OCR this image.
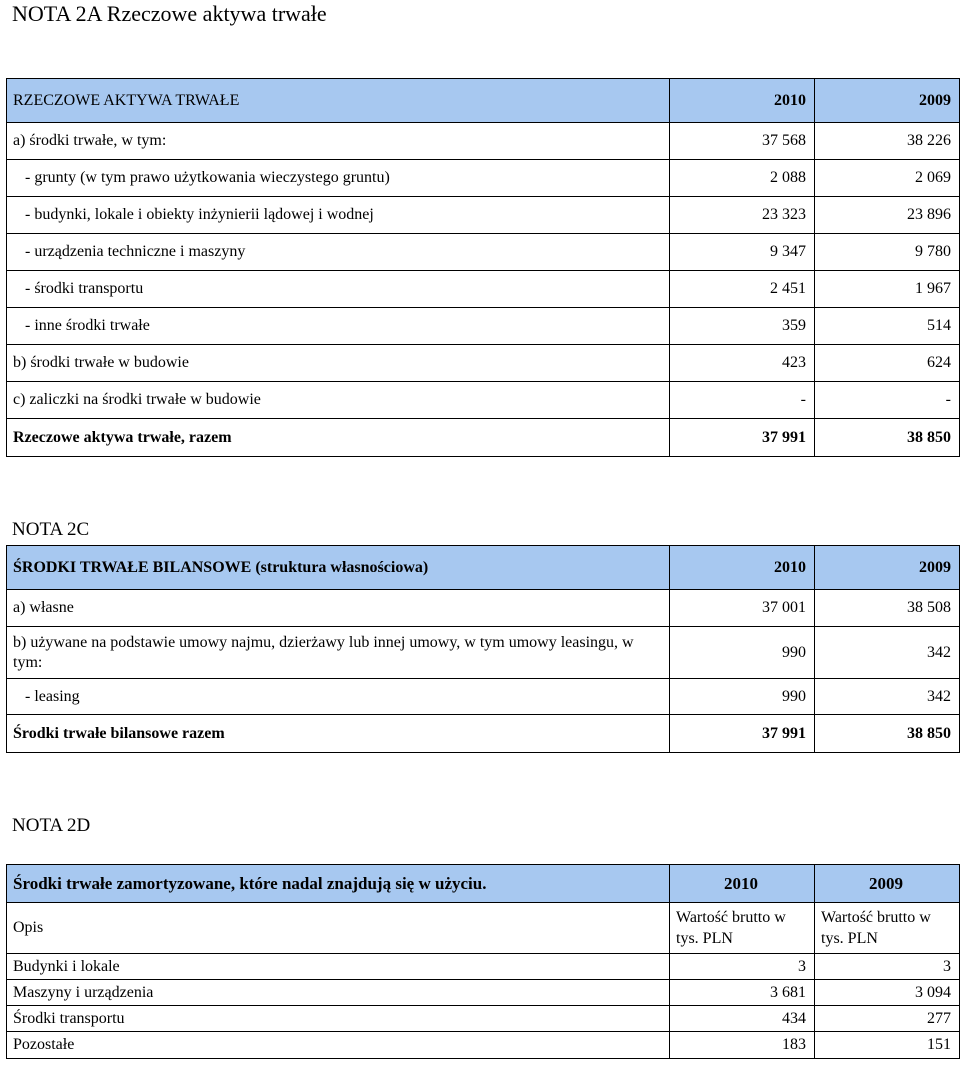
NOTA 2A Rzeczowe aktywa trwałe
RZECZOWE AKTYWA TRWAŁE	2010	2009
a) środki trwałe, w tym:	37 568	38 226
- grunty (w tym prawo użytkowania wieczystego gruntu)	2 088	2 069
- budynki, lokale i obiekty inżynierii lądowej i wodnej	23 323	23 896
- urządzenia techniczne i maszyny	9 347	9 780
- środki transportu	2 451	1 967
- inne środki trwałe	359	514
b) środki trwałe w budowie	423	624
c) zaliczki na środki trwałe w budowie	-	-
Rzeczowe aktywa trwałe, razem	37 991	38 850
NOTA 2C
ŚRODKI TRWAŁE BILANSOWE (struktura własnościowa)	2010	2009
a) własne	37 001	38 508
b) używane na podstawie umowy najmu, dzierżawy lub innej umowy, w tym umowy leasingu, w tym:	990	342
- leasing	990	342
Środki trwałe bilansowe razem	37 991	38 850
NOTA 2D
Środki trwałe zamortyzowane, które nadal znajdują się w użyciu.	2010	2009
Opis	Wartość brutto w tys. PLN	Wartość brutto w tys. PLN
Budynki i lokale	3	3
Maszyny i urządzenia	3 681	3 094
Środki transportu	434	277
Pozostałe	183	151
